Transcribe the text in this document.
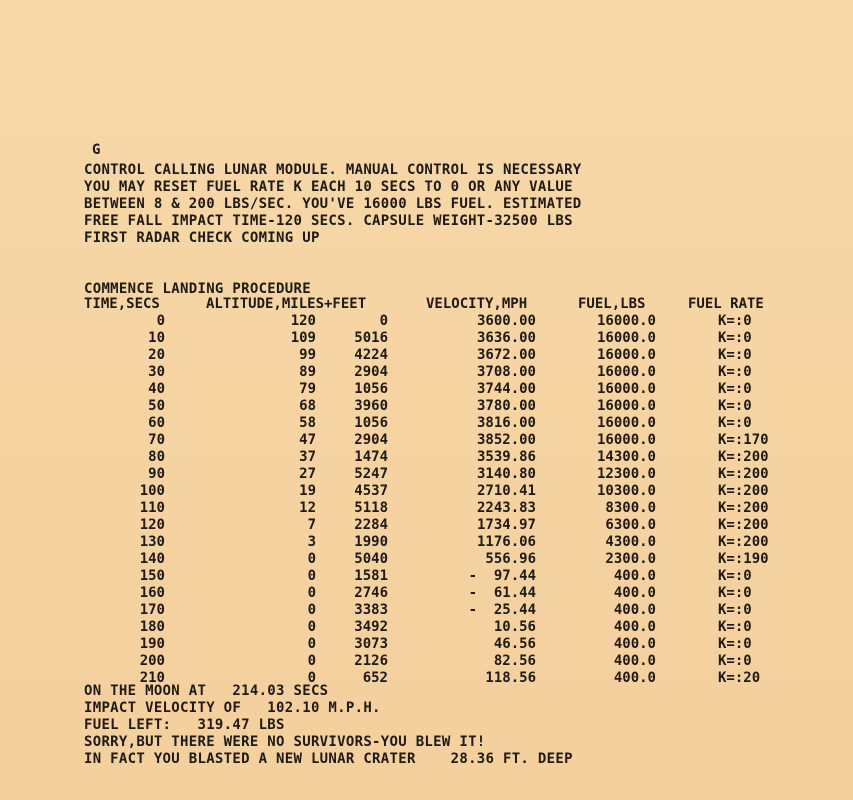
G
CONTROL CALLING LUNAR MODULE. MANUAL CONTROL IS NECESSARY
YOU MAY RESET FUEL RATE K EACH 10 SECS TO 0 OR ANY VALUE
BETWEEN 8 & 200 LBS/SEC. YOU'VE 16000 LBS FUEL. ESTIMATED
FREE FALL IMPACT TIME-120 SECS. CAPSULE WEIGHT-32500 LBS
FIRST RADAR CHECK COMING UP
COMMENCE LANDING PROCEDURE
TIME,SECS	ALTITUDE,MILES+FEET	VELOCITY,MPH	FUEL,LBS	FUEL RATE
0	120	0	3600.00	16000.0	K=:0
10	109	5016	3636.00	16000.0	K=:0
20	99	4224	3672.00	16000.0	K=:0
30	89	2904	3708.00	16000.0	K=:0
40	79	1056	3744.00	16000.0	K=:0
50	68	3960	3780.00	16000.0	K=:0
60	58	1056	3816.00	16000.0	K=:0
70	47	2904	3852.00	16000.0	K=:170
80	37	1474	3539.86	14300.0	K=:200
90	27	5247	3140.80	12300.0	K=:200
100	19	4537	2710.41	10300.0	K=:200
110	12	5118	2243.83	8300.0	K=:200
120	7	2284	1734.97	6300.0	K=:200
130	3	1990	1176.06	4300.0	K=:200
140	0	5040	556.96	2300.0	K=:190
150	0	1581	-  97.44	400.0	K=:0
160	0	2746	-  61.44	400.0	K=:0
170	0	3383	-  25.44	400.0	K=:0
180	0	3492	10.56	400.0	K=:0
190	0	3073	46.56	400.0	K=:0
200	0	2126	82.56	400.0	K=:0
210	0	652	118.56	400.0	K=:20
ON THE MOON AT   214.03 SECS
IMPACT VELOCITY OF   102.10 M.P.H.
FUEL LEFT:   319.47 LBS
SORRY,BUT THERE WERE NO SURVIVORS-YOU BLEW IT!
IN FACT YOU BLASTED A NEW LUNAR CRATER    28.36 FT. DEEP
